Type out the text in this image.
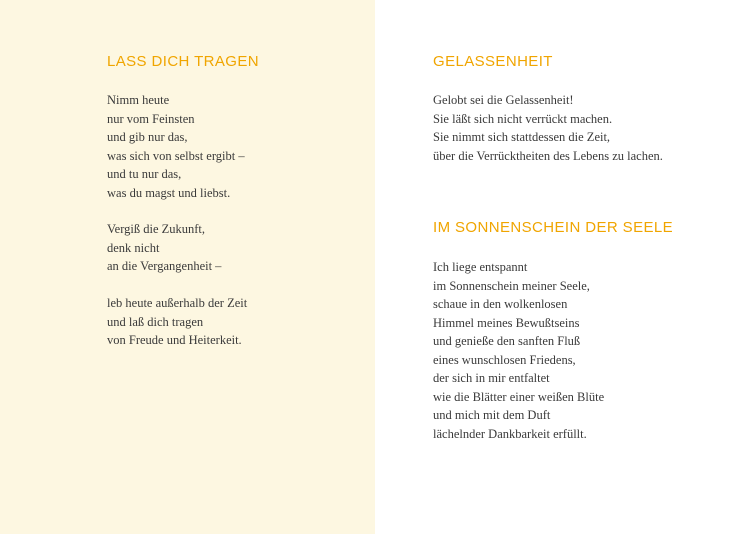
LASS DICH TRAGEN

Nimm heute
nur vom Feinsten
und gib nur das,
was sich von selbst ergibt –
und tu nur das,
was du magst und liebst.

Vergiß die Zukunft,
denk nicht
an die Vergangenheit –

leb heute außerhalb der Zeit
und laß dich tragen
von Freude und Heiterkeit.

GELASSENHEIT

Gelobt sei die Gelassenheit!
Sie läßt sich nicht verrückt machen.
Sie nimmt sich stattdessen die Zeit,
über die Verrücktheiten des Lebens zu lachen.

IM SONNENSCHEIN DER SEELE

Ich liege entspannt
im Sonnenschein meiner Seele,
schaue in den wolkenlosen
Himmel meines Bewußtseins
und genieße den sanften Fluß
eines wunschlosen Friedens,
der sich in mir entfaltet
wie die Blätter einer weißen Blüte
und mich mit dem Duft
lächelnder Dankbarkeit erfüllt.
